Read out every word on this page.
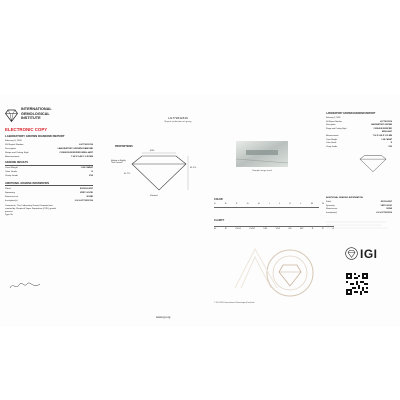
INTERNATIONAL
GEMOLOGICAL
INSTITUTE
ELECTRONIC COPY
LABORATORY GROWN DIAMOND REPORT
February 9, 2026
IGI Report Number	LG772612316
Description	LABORATORY GROWN DIAMOND
Shape and Cutting Style	CUSHION MODIFIED BRILLIANT
Measurements	7.14 X 5.48 X 3.35 MM
GRADING RESULTS
Carat Weight	1.08 CARAT
Color Grade	E
Clarity Grade	VS2
ADDITIONAL GRADING INFORMATION
Polish	EXCELLENT
Symmetry	VERY GOOD
Fluorescence	NONE
Inscription(s)	LGI LG772612316
Comments: This Laboratory Grown Diamond was
created by Chemical Vapor Deposition (CVD) growth
process.
Type IIa
LG772612316
Report verification at igi.org
PROPORTIONS
63%
61.1%
Pointed
Medium to Slightly Thick Faceted
41.7%
Sample image used
COLOR
D	E	F	G	H	I	J	K	L	M	N
CLARITY
FL	IF	VVS1	VVS2	VS1	VS2	SI1	SI2	I1	I2	I3
IGI
© IGI 2026 International Gemological Institute
www.igi.org
LABORATORY GROWN DIAMOND REPORT
February 9, 2026
IGI Report Number	LG772612316
Description	LABORATORY GROWN
Shape and Cutting Style	CUSHION MODIFIED
BRILLIANT
Measurements	7.14 X 5.48 X 3.35 MM
Carat Weight	1.08 CARAT
Color Grade	E
Clarity Grade	VS2
ADDITIONAL GRADING INFORMATION
Polish	EXCELLENT
Symmetry	VERY GOOD
Fluorescence	NONE
Inscription(s)	LGI LG772612316
